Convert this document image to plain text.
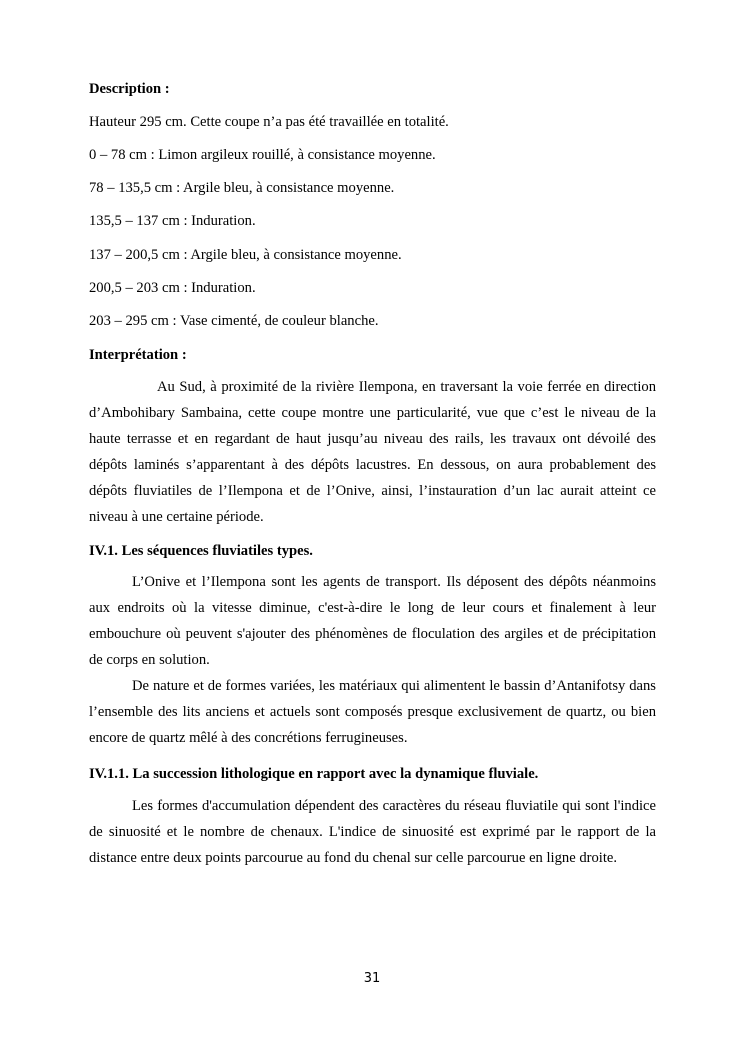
Description :

Hauteur 295 cm. Cette coupe n’a pas été travaillée en totalité.

0 – 78 cm : Limon argileux rouillé, à consistance moyenne.

78 – 135,5 cm : Argile bleu, à consistance moyenne.

135,5 – 137 cm : Induration.

137 – 200,5 cm : Argile bleu, à consistance moyenne.

200,5 – 203 cm : Induration.

203 – 295 cm : Vase cimenté, de couleur blanche.

Interprétation :

Au Sud, à proximité de la rivière Ilempona, en traversant la voie ferrée en direction d’Ambohibary Sambaina, cette coupe montre une particularité, vue que c’est le niveau de la haute terrasse et en regardant de haut jusqu’au niveau des rails, les travaux ont dévoilé des dépôts laminés s’apparentant à des dépôts lacustres. En dessous, on aura probablement des dépôts fluviatiles de l’Ilempona et de l’Onive, ainsi, l’instauration d’un lac aurait atteint ce niveau à une certaine période.

IV.1. Les séquences fluviatiles types.

L’Onive et l’Ilempona sont les agents de transport. Ils déposent des dépôts néanmoins aux endroits où la vitesse diminue, c'est-à-dire le long de leur cours et finalement à leur embouchure où peuvent s'ajouter des phénomènes de floculation des argiles et de précipitation de corps en solution.

De nature et de formes variées, les matériaux qui alimentent le bassin d’Antanifotsy dans l’ensemble des lits anciens et actuels sont composés presque exclusivement de quartz, ou bien encore de quartz mêlé à des concrétions ferrugineuses.

IV.1.1. La succession lithologique en rapport avec la dynamique fluviale.

Les formes d'accumulation dépendent des caractères du réseau fluviatile qui sont l'indice de sinuosité et le nombre de chenaux. L'indice de sinuosité est exprimé par le rapport de la distance entre deux points parcourue au fond du chenal sur celle parcourue en ligne droite.

31
